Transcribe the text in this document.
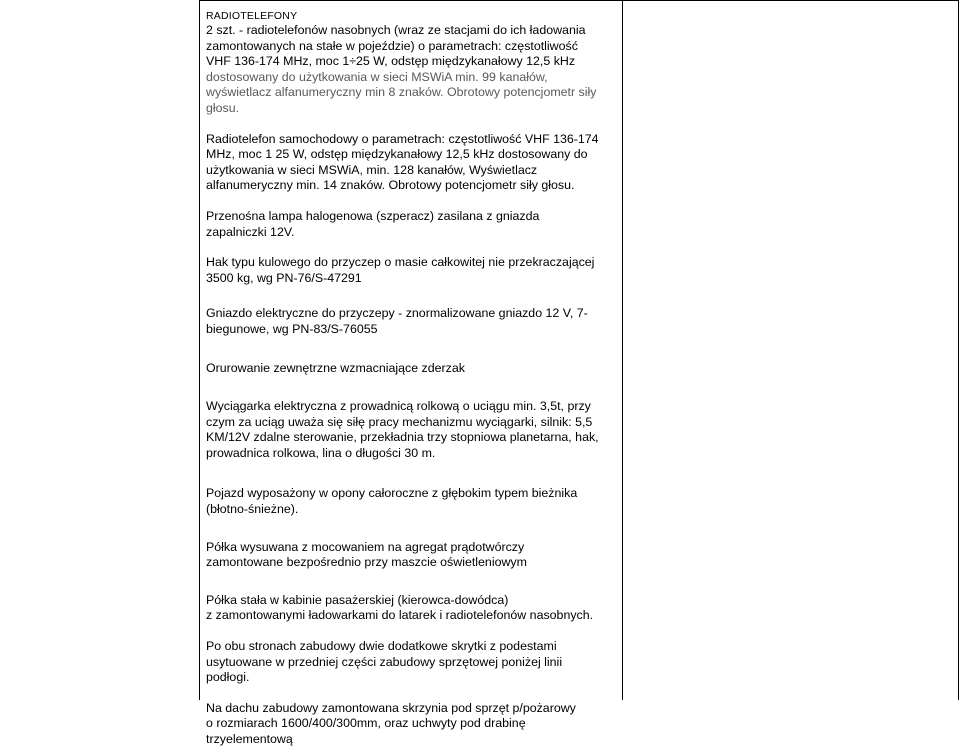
RADIOTELEFONY

2 szt. - radiotelefonów nasobnych (wraz ze stacjami do ich ładowania
zamontowanych na stałe w pojeździe) o parametrach: częstotliwość
VHF 136-174 MHz, moc 1÷25 W, odstęp międzykanałowy 12,5 kHz
dostosowany do użytkowania w sieci MSWiA min. 99 kanałów,
wyświetlacz alfanumeryczny min 8 znaków. Obrotowy potencjometr siły
głosu.
Radiotelefon samochodowy o parametrach: częstotliwość VHF 136-174
MHz, moc 1 25 W, odstęp międzykanałowy 12,5 kHz dostosowany do
użytkowania w sieci MSWiA, min. 128 kanałów, Wyświetlacz
alfanumeryczny min. 14 znaków. Obrotowy potencjometr siły głosu.
Przenośna lampa halogenowa (szperacz) zasilana z gniazda
zapalniczki 12V.
Hak typu kulowego do przyczep o masie całkowitej nie przekraczającej
3500 kg, wg PN-76/S-47291
Gniazdo elektryczne do przyczepy - znormalizowane gniazdo 12 V, 7-
biegunowe, wg PN-83/S-76055
Orurowanie zewnętrzne wzmacniające zderzak
Wyciągarka elektryczna z prowadnicą rolkową o uciągu min. 3,5t, przy
czym za uciąg uważa się siłę pracy mechanizmu wyciągarki, silnik: 5,5
KM/12V zdalne sterowanie, przekładnia trzy stopniowa planetarna, hak,
prowadnica rolkowa, lina o długości 30 m.
Pojazd wyposażony w opony całoroczne z głębokim typem bieżnika
(błotno-śnieżne).
Półka wysuwana z mocowaniem na agregat prądotwórczy
zamontowane bezpośrednio przy maszcie oświetleniowym
Półka stała w kabinie pasażerskiej (kierowca-dowódca)
z zamontowanymi ładowarkami do latarek i radiotelefonów nasobnych.
Po obu stronach zabudowy dwie dodatkowe skrytki z podestami
usytuowane w przedniej części zabudowy sprzętowej poniżej linii
podłogi.
Na dachu zabudowy zamontowana skrzynia pod sprzęt p/pożarowy
o rozmiarach 1600/400/300mm, oraz uchwyty pod drabinę
trzyelementową
